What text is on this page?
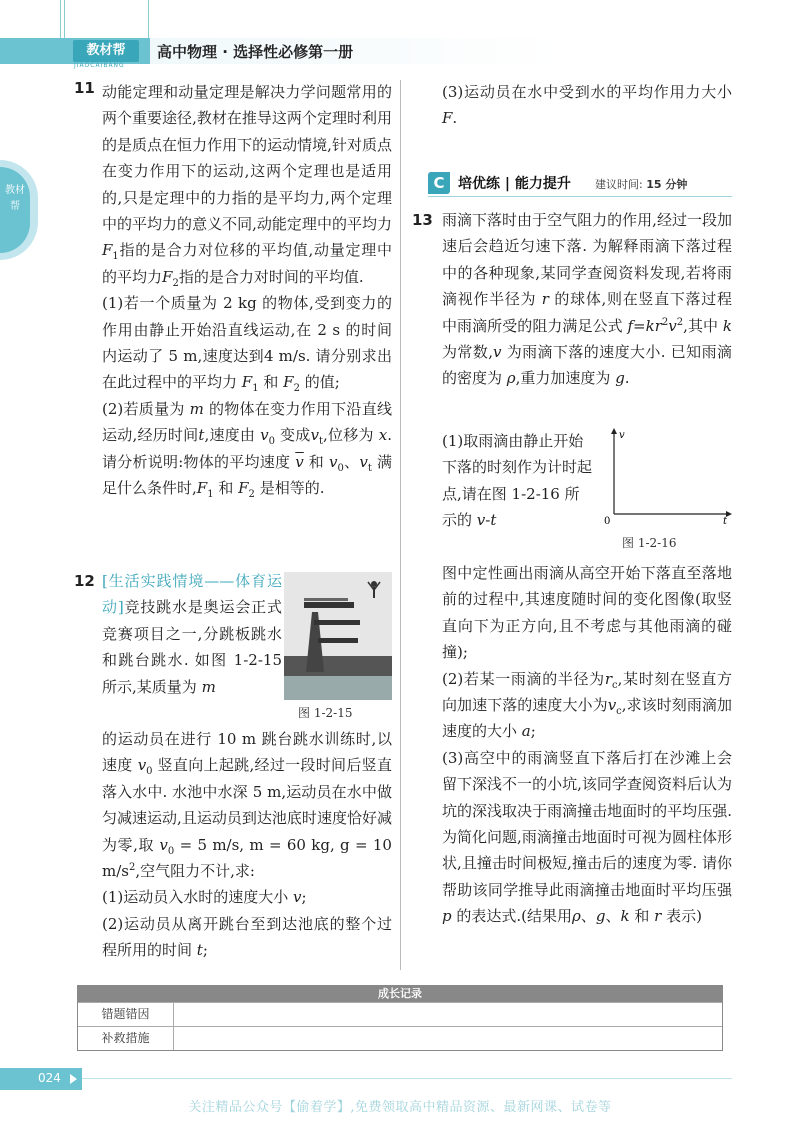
教材帮
JIAOCAIBANG
高中物理 · 选择性必修第一册
教材帮
11 动能定理和动量定理是解决力学问题常用的两个重要途径,教材在推导这两个定理时利用的是质点在恒力作用下的运动情境,针对质点在变力作用下的运动,这两个定理也是适用的,只是定理中的力指的是平均力,两个定理中的平均力的意义不同,动能定理中的平均力$F_1$指的是合力对位移的平均值,动量定理中的平均力$F_2$指的是合力对时间的平均值.
(1)若一个质量为 2 kg 的物体,受到变力的作用由静止开始沿直线运动,在 2 s 的时间内运动了 5 m,速度达到4 m/s. 请分别求出在此过程中的平均力 $F_1$ 和 $F_2$ 的值;
(2)若质量为 m 的物体在变力作用下沿直线运动,经历时间t,速度由 $v_0$ 变成$v_t$,位移为 x. 请分析说明:物体的平均速度 $\overline{v}$ 和 $v_0$、$v_t$ 满足什么条件时$,F_1$ 和 $F_2$ 是相等的.
12 [生活实践情境——体育运动]竞技跳水是奥运会正式竞赛项目之一,分跳板跳水和跳台跳水. 如图 1-2-15 所示,某质量为 m
的运动员在进行 10 m 跳台跳水训练时,以速度 $v_0$ 竖直向上起跳,经过一段时间后竖直落入水中. 水池中水深 5 m,运动员在水中做匀减速运动,且运动员到达池底时速度恰好减为零,取 $v_0 = 5$ m/s, m = 60 kg, g = 10 $m/s^2$,空气阻力不计,求:
(1)运动员入水时的速度大小 v;
(2)运动员从离开跳台至到达池底的整个过程所用的时间 t;
图 1-2-15
(3)运动员在水中受到水的平均作用力大小 F.
C 培优练 | 能力提升 建议时间: 15 分钟
13 雨滴下落时由于空气阻力的作用,经过一段加速后会趋近匀速下落. 为解释雨滴下落过程中的各种现象,某同学查阅资料发现,若将雨滴视作半径为 r 的球体,则在竖直下落过程中雨滴所受的阻力满足公式 $f=kr^2v^2$,其中 k 为常数,v 为雨滴下落的速度大小. 已知雨滴的密度为 ρ,重力加速度为 g.
(1)取雨滴由静止开始下落的时刻作为计时起点,请在图 1-2-16 所示的 v-t
图中定性画出雨滴从高空开始下落直至落地前的过程中,其速度随时间的变化图像(取竖直向下为正方向,且不考虑与其他雨滴的碰撞);
(2)若某一雨滴的半径为$r_c$,某时刻在竖直方向加速下落的速度大小为$v_c$,求该时刻雨滴加速度的大小 a;
(3)高空中的雨滴竖直下落后打在沙滩上会留下深浅不一的小坑,该同学查阅资料后认为坑的深浅取决于雨滴撞击地面时的平均压强. 为简化问题,雨滴撞击地面时可视为圆柱体形状,且撞击时间极短,撞击后的速度为零. 请你帮助该同学推导此雨滴撞击地面时平均压强 p 的表达式.(结果用ρ、g、k 和 r 表示)
v
t
0
图 1-2-16
成长记录
错题错因
补救措施
024
关注精品公众号【偷着学】,免费领取高中精品资源、最新网课、试卷等
